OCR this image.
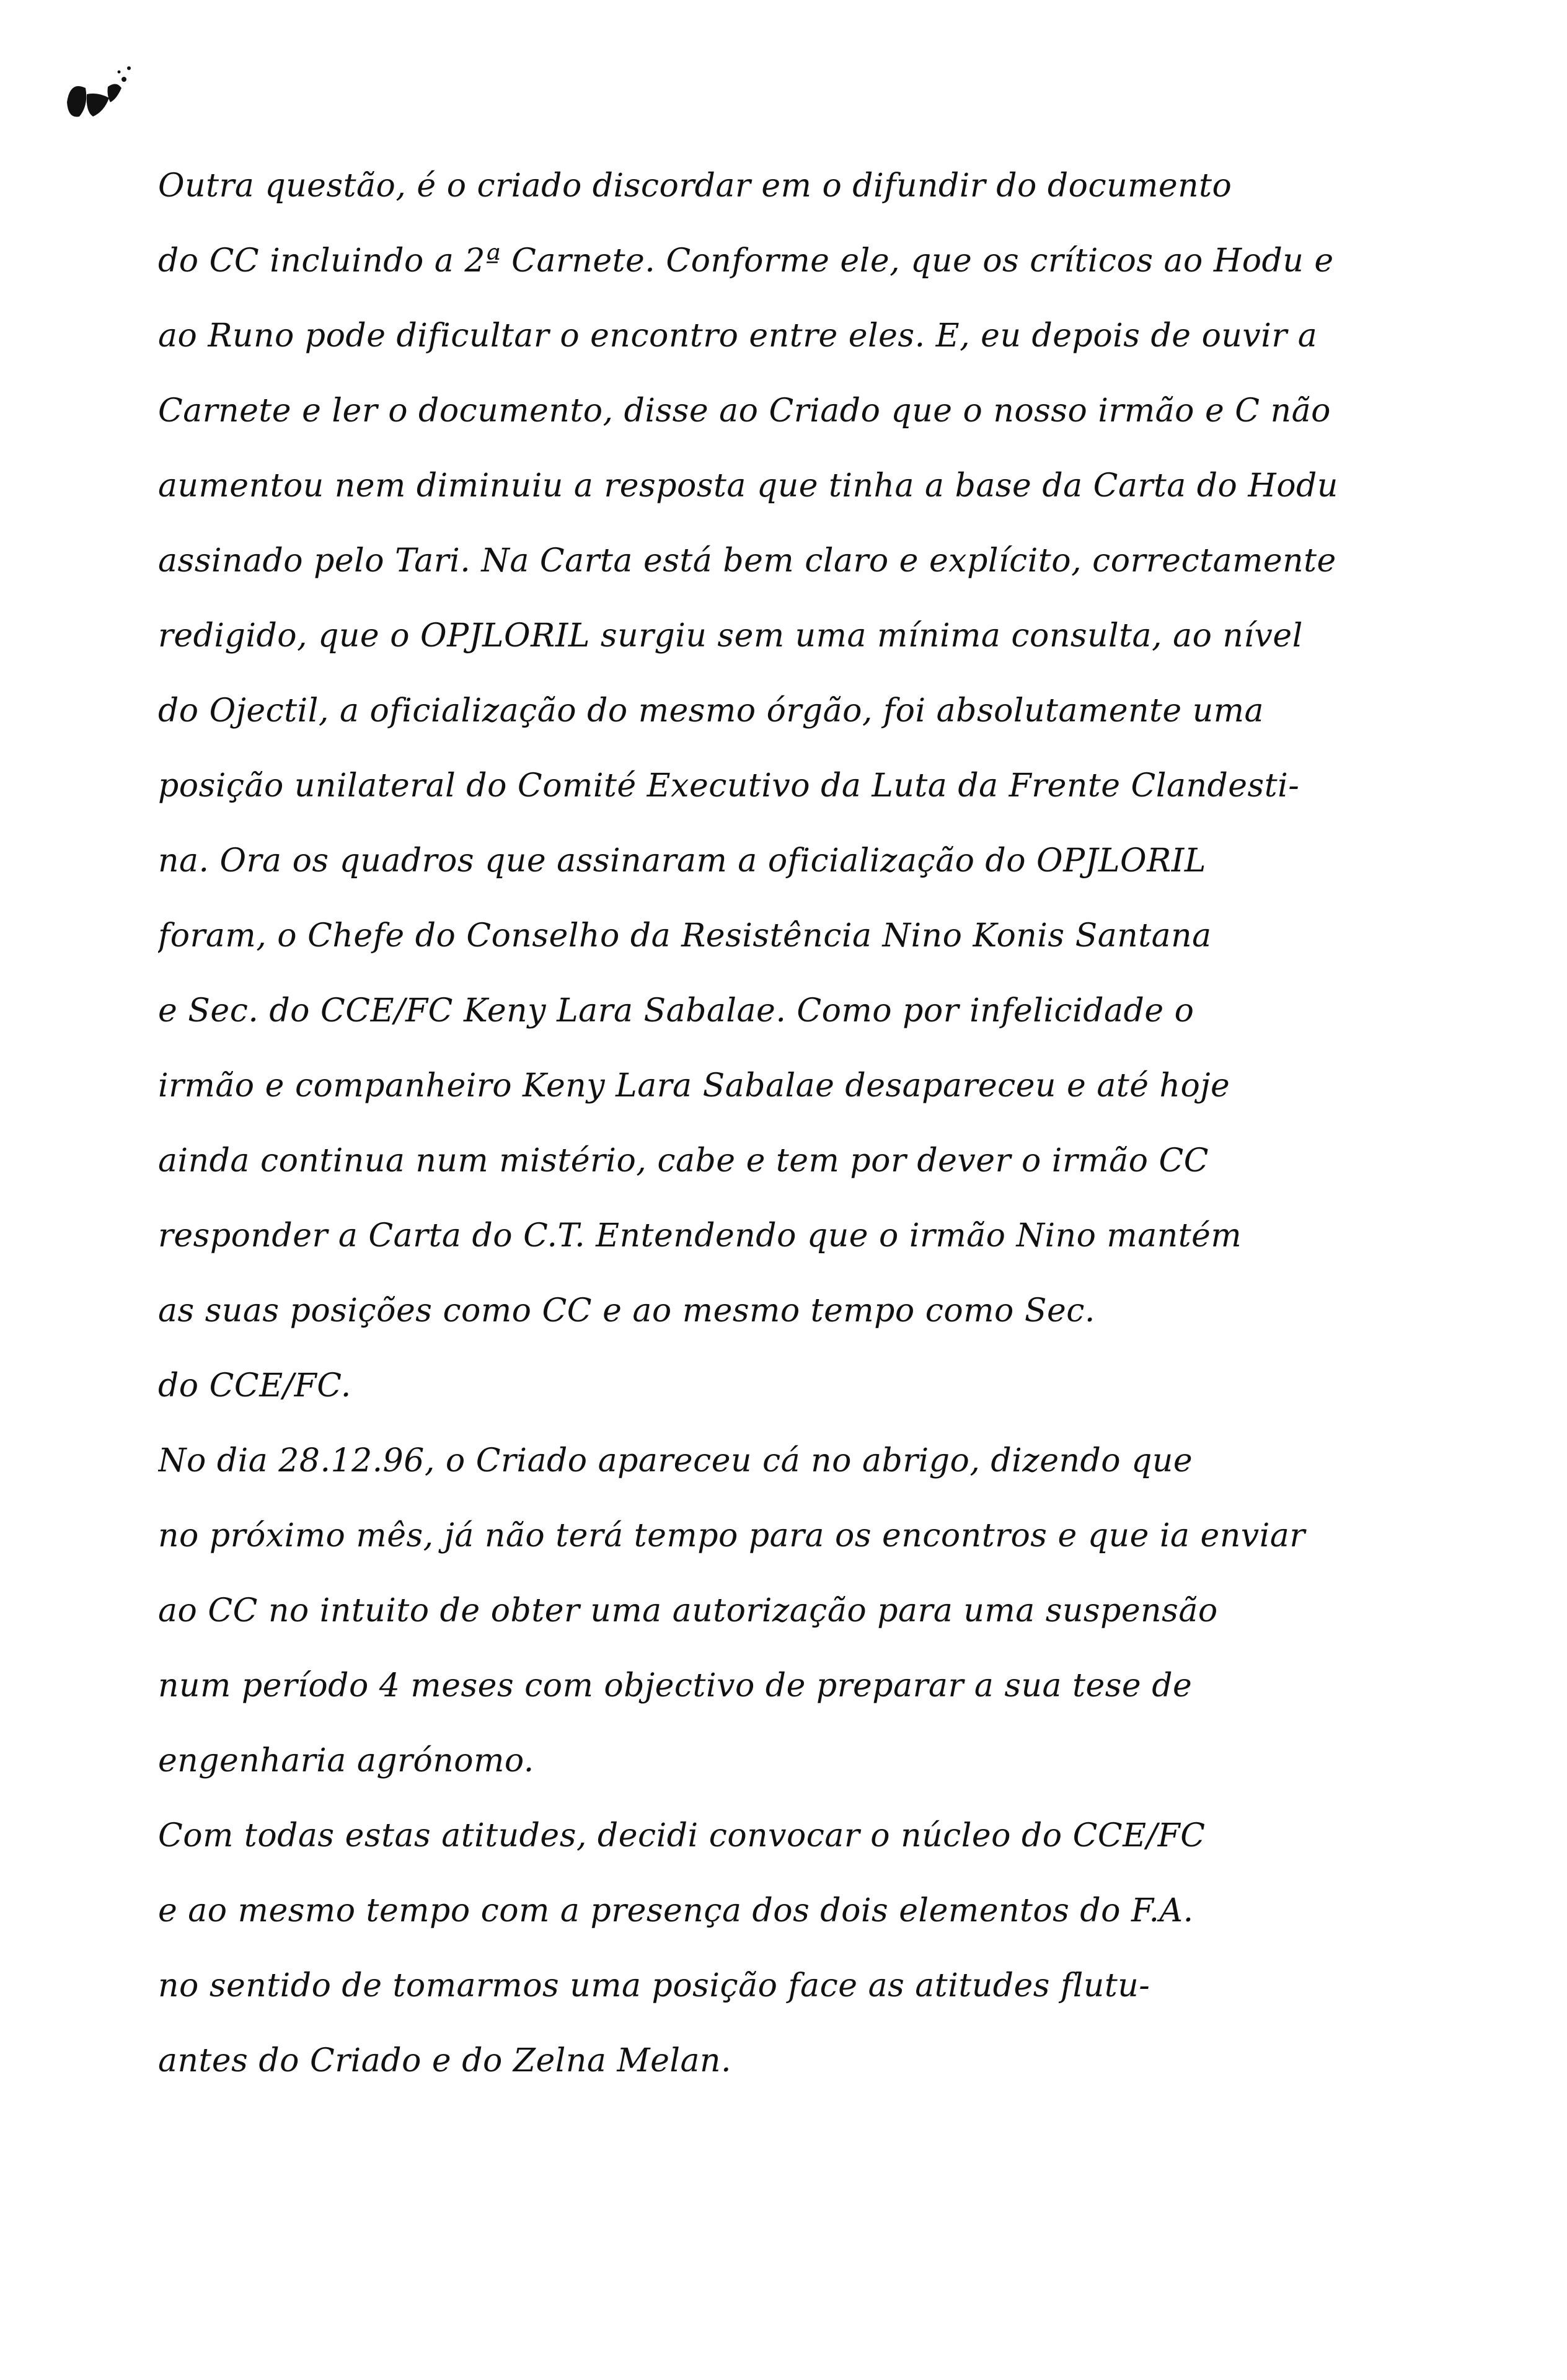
Outra questão, é o criado discordar em o difundir do documento
do CC incluindo a 2ª Carnete. Conforme ele, que os críticos ao Hodu e
ao Runo pode dificultar o encontro entre eles. E, eu depois de ouvir a
Carnete e ler o documento, disse ao Criado que o nosso irmão e C não
aumentou nem diminuiu a resposta que tinha a base da Carta do Hodu
assinado pelo Tari. Na Carta está bem claro e explícito, correctamente
redigido, que o OPJLORIL surgiu sem uma mínima consulta, ao nível
do Ojectil, a oficialização do mesmo órgão, foi absolutamente uma
posição unilateral do Comité Executivo da Luta da Frente Clandesti-
na. Ora os quadros que assinaram a oficialização do OPJLORIL
foram, o Chefe do Conselho da Resistência Nino Konis Santana
e Sec. do CCE/FC Keny Lara Sabalae. Como por infelicidade o
irmão e companheiro Keny Lara Sabalae desapareceu e até hoje
ainda continua num mistério, cabe e tem por dever o irmão CC
responder a Carta do C.T. Entendendo que o irmão Nino mantém
as suas posições como CC e ao mesmo tempo como Sec.
do CCE/FC.
No dia 28.12.96, o Criado apareceu cá no abrigo, dizendo que
no próximo mês, já não terá tempo para os encontros e que ia enviar
ao CC no intuito de obter uma autorização para uma suspensão
num período 4 meses com objectivo de preparar a sua tese de
engenharia agrónomo.
Com todas estas atitudes, decidi convocar o núcleo do CCE/FC
e ao mesmo tempo com a presença dos dois elementos do F.A.
no sentido de tomarmos uma posição face as atitudes flutu-
antes do Criado e do Zelna Melan.
